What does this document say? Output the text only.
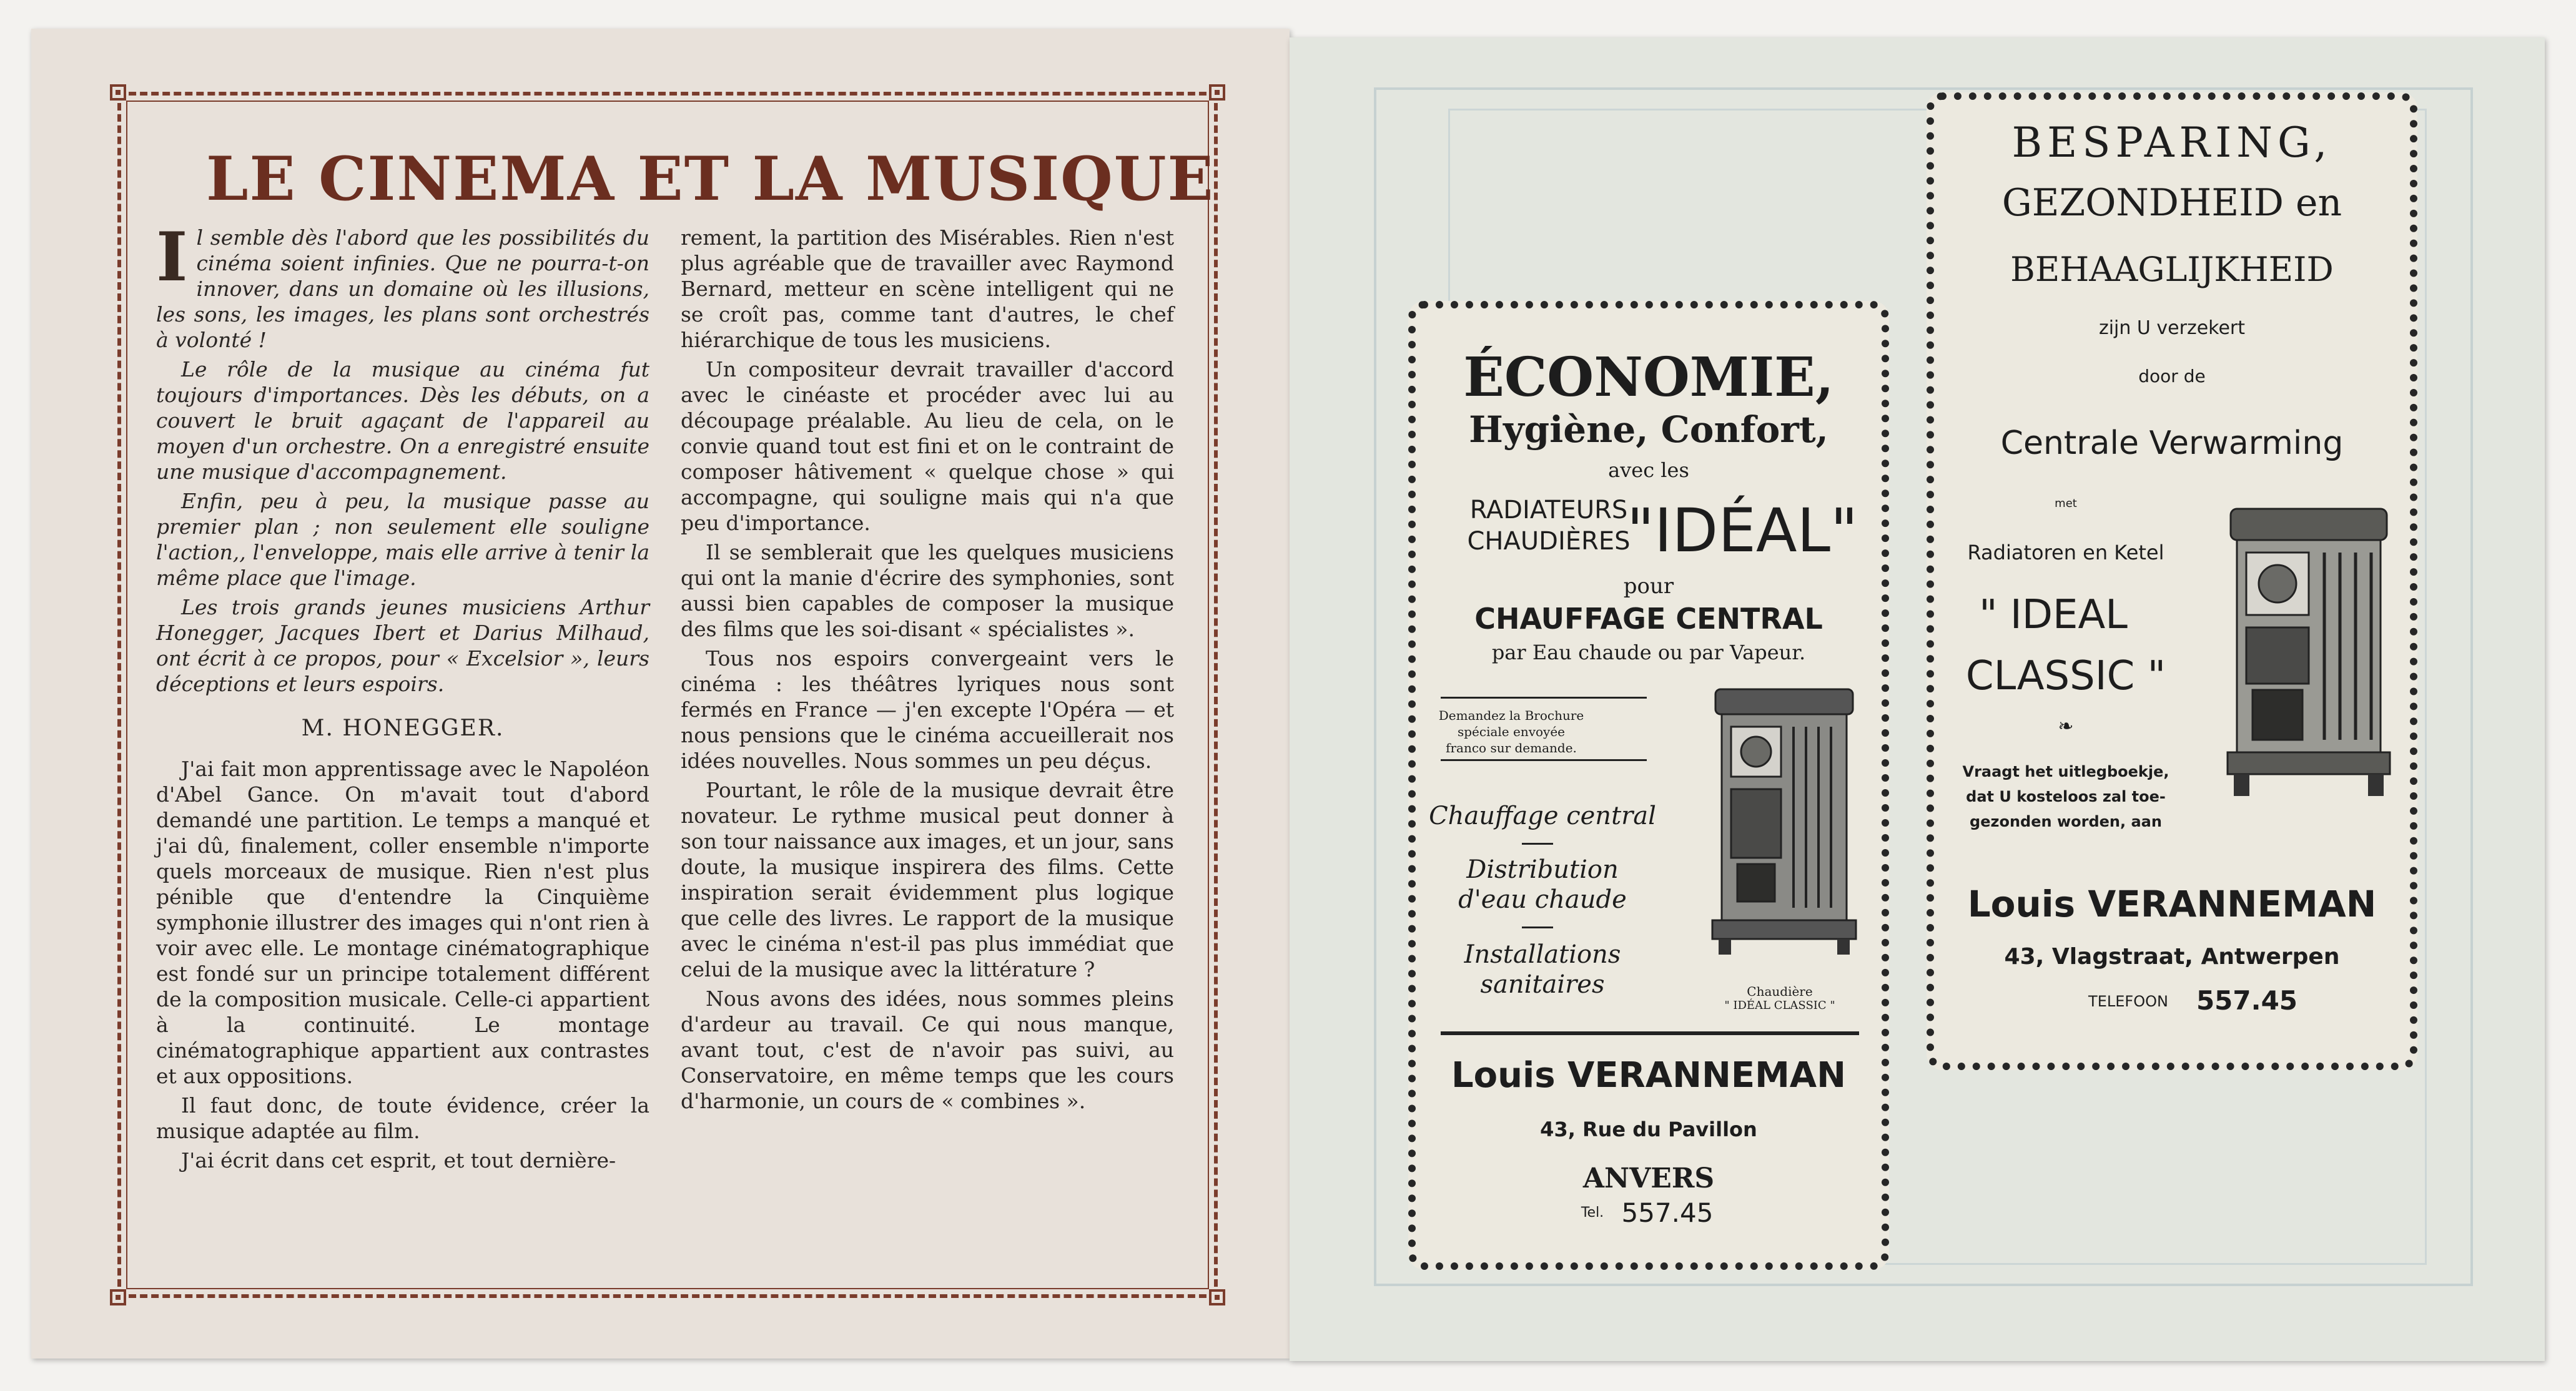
LE CINEMA ET LA MUSIQUE

Il semble dès l'abord que les possibilités du cinéma soient infinies. Que ne pourra-t-on innover, dans un domaine où les illusions, les sons, les images, les plans sont orchestrés à volonté !

Le rôle de la musique au cinéma fut toujours d'importances. Dès les débuts, on a couvert le bruit agaçant de l'appareil au moyen d'un orchestre. On a enregistré ensuite une musique d'accompagnement.

Enfin, peu à peu, la musique passe au premier plan ; non seulement elle souligne l'action,, l'enveloppe, mais elle arrive à tenir la même place que l'image.

Les trois grands jeunes musiciens Arthur Honegger, Jacques Ibert et Darius Milhaud, ont écrit à ce propos, pour « Excelsior », leurs déceptions et leurs espoirs.

M. HONEGGER.

J'ai fait mon apprentissage avec le Napoléon d'Abel Gance. On m'avait tout d'abord demandé une partition. Le temps a manqué et j'ai dû, finalement, coller ensemble n'importe quels morceaux de musique. Rien n'est plus pénible que d'entendre la Cinquième symphonie illustrer des images qui n'ont rien à voir avec elle. Le montage cinématographique est fondé sur un principe totalement différent de la composition musicale. Celle-ci appartient à la continuité. Le montage cinématographique appartient aux contrastes et aux oppositions.

Il faut donc, de toute évidence, créer la musique adaptée au film.

J'ai écrit dans cet esprit, et tout dernière-

rement, la partition des Misérables. Rien n'est plus agréable que de travailler avec Raymond Bernard, metteur en scène intelligent qui ne se croît pas, comme tant d'autres, le chef hiérarchique de tous les musiciens.

Un compositeur devrait travailler d'accord avec le cinéaste et procéder avec lui au découpage préalable. Au lieu de cela, on le convie quand tout est fini et on le contraint de composer hâtivement « quelque chose » qui accompagne, qui souligne mais qui n'a que peu d'importance.

Il se semblerait que les quelques musiciens qui ont la manie d'écrire des symphonies, sont aussi bien capables de composer la musique des films que les soi-disant « spécialistes ».

Tous nos espoirs convergeaint vers le cinéma : les théâtres lyriques nous sont fermés en France — j'en excepte l'Opéra — et nous pensions que le cinéma accueillerait nos idées nouvelles. Nous sommes un peu déçus.

Pourtant, le rôle de la musique devrait être novateur. Le rythme musical peut donner à son tour naissance aux images, et un jour, sans doute, la musique inspirera des films. Cette inspiration serait évidemment plus logique que celle des livres. Le rapport de la musique avec le cinéma n'est-il pas plus immédiat que celui de la musique avec la littérature ?

Nous avons des idées, nous sommes pleins d'ardeur au travail. Ce qui nous manque, avant tout, c'est de n'avoir pas suivi, au Conservatoire, en même temps que les cours d'harmonie, un cours de « combines ».

ÉCONOMIE,
Hygiène, Confort,
avec les
RADIATEURS
CHAUDIÈRES
"IDÉAL"
pour
CHAUFFAGE CENTRAL
par Eau chaude ou par Vapeur.
Demandez la Brochure
spéciale envoyée
franco sur demande.
Chauffage central
Distribution
d'eau chaude
Installations
sanitaires	Chaudière
" IDÉAL CLASSIC "
Louis VERANNEMAN
43, Rue du Pavillon
ANVERS
Tel. 557.45
BESPARING,
GEZONDHEID en
BEHAAGLIJKHEID
zijn U verzekert
door de
Centrale Verwarming
met
Radiatoren en Ketel
" IDEAL
CLASSIC "
❧
Vraagt het uitlegboekje,
dat U kosteloos zal toe-
gezonden worden, aan
Louis VERANNEMAN
43, Vlagstraat, Antwerpen
TELEFOON	557.45
